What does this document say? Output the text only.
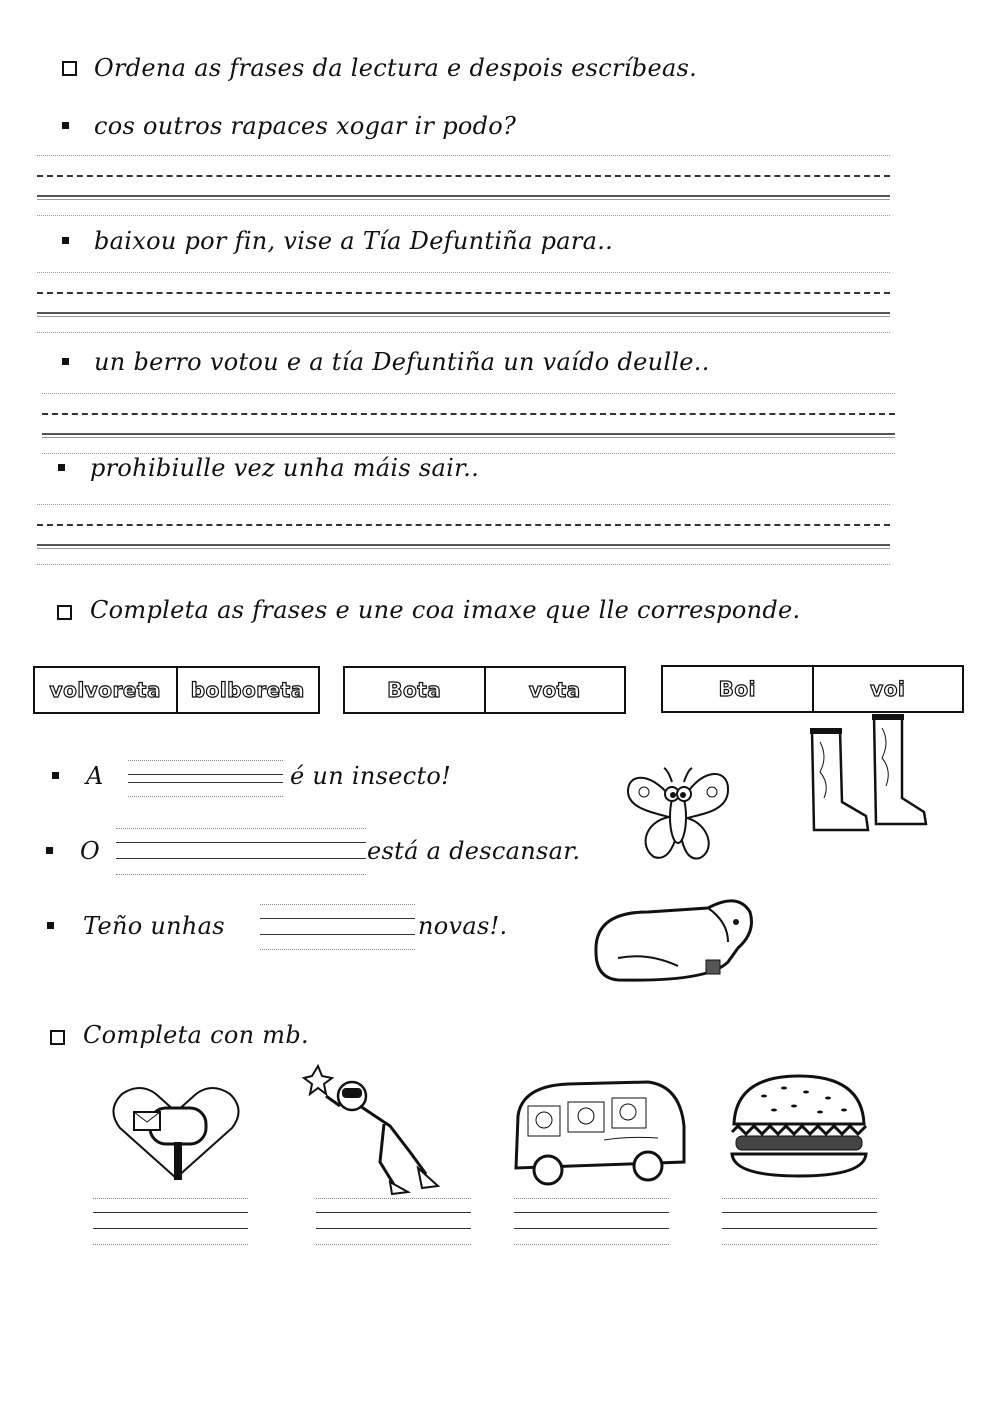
Ordena as frases da lectura e despois escríbeas.
cos outros rapaces xogar ir podo?
baixou por fin, vise a Tía Defuntiña para..
un berro votou e a tía Defuntiña un vaído deulle..
prohibiulle vez unha máis sair..
Completa as frases e une coa imaxe que lle corresponde.
volvoreta	bolboreta	Bota	vota	Boi	voi
A	é un insecto!
O	está a descansar.
Teño unhas	novas!.
Completa con mb.
